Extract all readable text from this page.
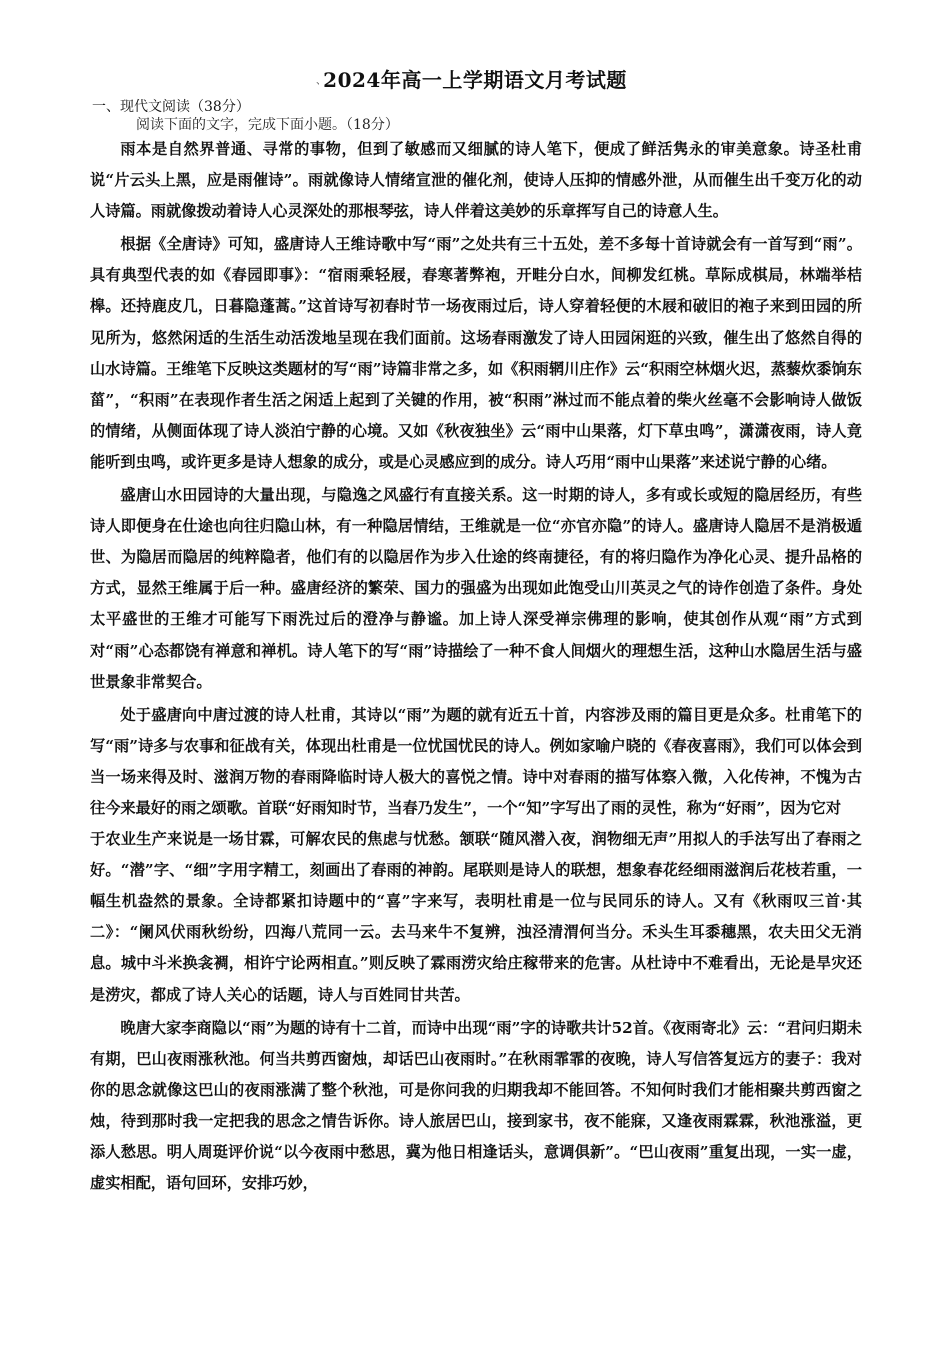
、
2024年高一上学期语文月考试题
一、现代文阅读（38分）
阅读下面的文字，完成下面小题。（18分）

雨本是自然界普通、寻常的事物，但到了敏感而又细腻的诗人笔下，便成了鲜活隽永的审美意象。诗圣杜甫说“片云头上黑，应是雨催诗”。雨就像诗人情绪宣泄的催化剂，使诗人压抑的情感外泄，从而催生出千变万化的动人诗篇。雨就像拨动着诗人心灵深处的那根琴弦，诗人伴着这美妙的乐章挥写自己的诗意人生。

根据《全唐诗》可知，盛唐诗人王维诗歌中写“雨”之处共有三十五处，差不多每十首诗就会有一首写到“雨”。具有典型代表的如《春园即事》：“宿雨乘轻屐，春寒著弊袍，开畦分白水，间柳发红桃。草际成棋局，林端举桔槔。还持鹿皮几，日暮隐蓬蒿。”这首诗写初春时节一场夜雨过后，诗人穿着轻便的木屐和破旧的袍子来到田园的所见所为，悠然闲适的生活生动活泼地呈现在我们面前。这场春雨激发了诗人田园闲逛的兴致，催生出了悠然自得的山水诗篇。王维笔下反映这类题材的写“雨”诗篇非常之多，如《积雨辋川庄作》云“积雨空林烟火迟，蒸藜炊黍饷东菑”，“积雨”在表现作者生活之闲适上起到了关键的作用，被“积雨”淋过而不能点着的柴火丝毫不会影响诗人做饭的情绪，从侧面体现了诗人淡泊宁静的心境。又如《秋夜独坐》云“雨中山果落，灯下草虫鸣”，潇潇夜雨，诗人竟能听到虫鸣，或许更多是诗人想象的成分，或是心灵感应到的成分。诗人巧用“雨中山果落”来述说宁静的心绪。

盛唐山水田园诗的大量出现，与隐逸之风盛行有直接关系。这一时期的诗人，多有或长或短的隐居经历，有些诗人即便身在仕途也向往归隐山林，有一种隐居情结，王维就是一位“亦官亦隐”的诗人。盛唐诗人隐居不是消极遁世、为隐居而隐居的纯粹隐者，他们有的以隐居作为步入仕途的终南捷径，有的将归隐作为净化心灵、提升品格的方式，显然王维属于后一种。盛唐经济的繁荣、国力的强盛为出现如此饱受山川英灵之气的诗作创造了条件。身处太平盛世的王维才可能写下雨洗过后的澄净与静谧。加上诗人深受禅宗佛理的影响，使其创作从观“雨”方式到对“雨”心态都饶有禅意和禅机。诗人笔下的写“雨”诗描绘了一种不食人间烟火的理想生活，这种山水隐居生活与盛世景象非常契合。

处于盛唐向中唐过渡的诗人杜甫，其诗以“雨”为题的就有近五十首，内容涉及雨的篇目更是众多。杜甫笔下的写“雨”诗多与农事和征战有关，体现出杜甫是一位忧国忧民的诗人。例如家喻户晓的《春夜喜雨》，我们可以体会到当一场来得及时、滋润万物的春雨降临时诗人极大的喜悦之情。诗中对春雨的描写体察入微，入化传神，不愧为古往今来最好的雨之颂歌。首联“好雨知时节，当春乃发生”，一个“知”字写出了雨的灵性，称为“好雨”，因为它对

于农业生产来说是一场甘霖，可解农民的焦虑与忧愁。颔联“随风潜入夜，润物细无声”用拟人的手法写出了春雨之好。“潜”字、“细”字用字精工，刻画出了春雨的神韵。尾联则是诗人的联想，想象春花经细雨滋润后花枝若重，一幅生机盎然的景象。全诗都紧扣诗题中的“喜”字来写，表明杜甫是一位与民同乐的诗人。又有《秋雨叹三首·其二》：“阑风伏雨秋纷纷，四海八荒同一云。去马来牛不复辨，浊泾清渭何当分。禾头生耳黍穗黑，农夫田父无消息。城中斗米换衾裯，相许宁论两相直。”则反映了霖雨涝灾给庄稼带来的危害。从杜诗中不难看出，无论是旱灾还是涝灾，都成了诗人关心的话题，诗人与百姓同甘共苦。

晚唐大家李商隐以“雨”为题的诗有十二首，而诗中出现“雨”字的诗歌共计52首。《夜雨寄北》云：“君问归期未有期，巴山夜雨涨秋池。何当共剪西窗烛，却话巴山夜雨时。”在秋雨霏霏的夜晚，诗人写信答复远方的妻子：我对你的思念就像这巴山的夜雨涨满了整个秋池，可是你问我的归期我却不能回答。不知何时我们才能相聚共剪西窗之烛，待到那时我一定把我的思念之情告诉你。诗人旅居巴山，接到家书，夜不能寐，又逢夜雨霖霖，秋池涨溢，更添人愁思。明人周珽评价说“以今夜雨中愁思，冀为他日相逢话头，意调俱新”。“巴山夜雨”重复出现，一实一虚，虚实相配，语句回环，安排巧妙，
